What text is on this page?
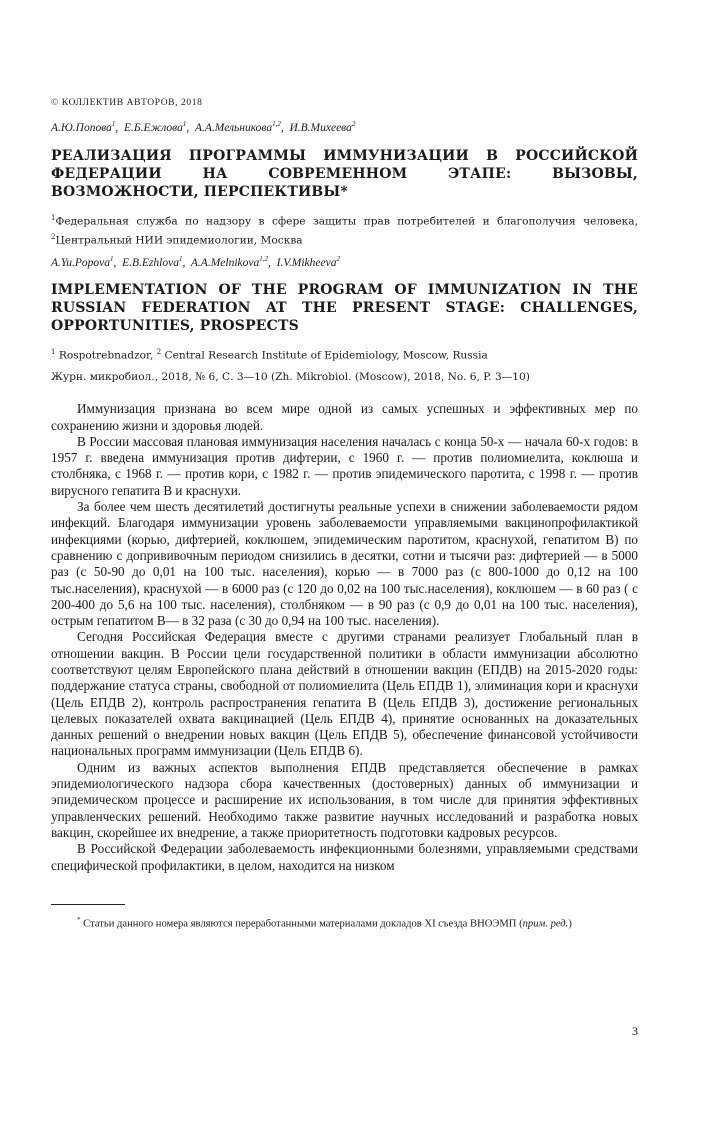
© КОЛЛЕКТИВ АВТОРОВ, 2018
А.Ю.Попова$^1$,  Е.Б.Ежлова$^1$,  А.А.Мельникова$^{1,2}$,  И.В.Михеева$^2$
РЕАЛИЗАЦИЯ ПРОГРАММЫ ИММУНИЗАЦИИ В РОССИЙСКОЙ ФЕДЕРАЦИИ НА СОВРЕМЕННОМ ЭТАПЕ: ВЫЗОВЫ, ВОЗМОЖНОСТИ, ПЕРСПЕКТИВЫ*
$^1$Федеральная служба по надзору в сфере защиты прав потребителей и благополучия человека, $^2$Центральный НИИ эпидемиологии, Москва
A.Yu.Popova$^1$,  E.B.Ezhlova$^1$,  A.A.Melnikova$^{1,2}$,  I.V.Mikheeva$^2$
IMPLEMENTATION OF THE PROGRAM OF IMMUNIZATION IN THE RUSSIAN FEDERATION AT THE PRESENT STAGE: CHALLENGES, OPPORTUNITIES, PROSPECTS
$^1$ Rospotrebnadzor, $^2$ Central Research Institute of Epidemiology, Moscow, Russia
Журн. микробиол., 2018, № 6, С. 3—10 (Zh. Mikrobiol. (Moscow), 2018, No. 6, P. 3—10)

Иммунизация признана во всем мире одной из самых успешных и эффективных мер по сохранению жизни и здоровья людей.

В России массовая плановая иммунизация населения началась с конца 50-х — начала 60-х годов: в 1957 г. введена иммунизация против дифтерии, с 1960 г. — против полиомиелита, коклюша и столбняка, с 1968 г. — против кори, с 1982 г. — против эпидемического паротита, с 1998 г. — против вирусного гепатита В и краснухи.

За более чем шесть десятилетий достигнуты реальные успехи в снижении заболеваемости рядом инфекций. Благодаря иммунизации уровень заболеваемости управляемыми вакцинопрофилактикой инфекциями (корью, дифтерией, коклюшем, эпидемическим паротитом, краснухой, гепатитом В) по сравнению с допрививочным периодом снизились в десятки, сотни и тысячи раз: дифтерией — в 5000 раз (с 50-90 до 0,01 на 100 тыс. населения), корью — в 7000 раз (с 800-1000 до 0,12 на 100 тыс.населения), краснухой — в 6000 раз (с 120 до 0,02 на 100 тыс.населения), коклюшем — в 60 раз ( с 200-400 до 5,6 на 100 тыс. населения), столбняком — в 90 раз (с 0,9 до 0,01 на 100 тыс. населения), острым гепатитом В— в 32 раза (с 30 до 0,94 на 100 тыс. населения).

Сегодня Российская Федерация вместе с другими странами реализует Глобальный план в отношении вакцин. В России цели государственной политики в области иммунизации абсолютно соответствуют целям Европейского плана действий в отношении вакцин (ЕПДВ) на 2015-2020 годы: поддержание статуса страны, свободной от полиомиелита (Цель ЕПДВ 1), элиминация кори и краснухи (Цель ЕПДВ 2), контроль распространения гепатита В (Цель ЕПДВ 3), достижение региональных целевых показателей охвата вакцинацией (Цель ЕПДВ 4), принятие основанных на доказательных данных решений о внедрении новых вакцин (Цель ЕПДВ 5), обеспечение финансовой устойчивости национальных программ иммунизации (Цель ЕПДВ 6).

Одним из важных аспектов выполнения ЕПДВ представляется обеспечение в рамках эпидемиологического надзора сбора качественных (достоверных) данных об иммунизации и эпидемическом процессе и расширение их использования, в том числе для принятия эффективных управленческих решений. Необходимо также развитие научных исследований и разработка новых вакцин, скорейшее их внедрение, а также приоритетность подготовки кадровых ресурсов.

В Российской Федерации заболеваемость инфекционными болезнями, управляемыми средствами специфической профилактики, в целом, находится на низком

* Статьи данного номера являются переработанными материалами докладов XI съезда ВНОЭМП (прим. ред.)

3
